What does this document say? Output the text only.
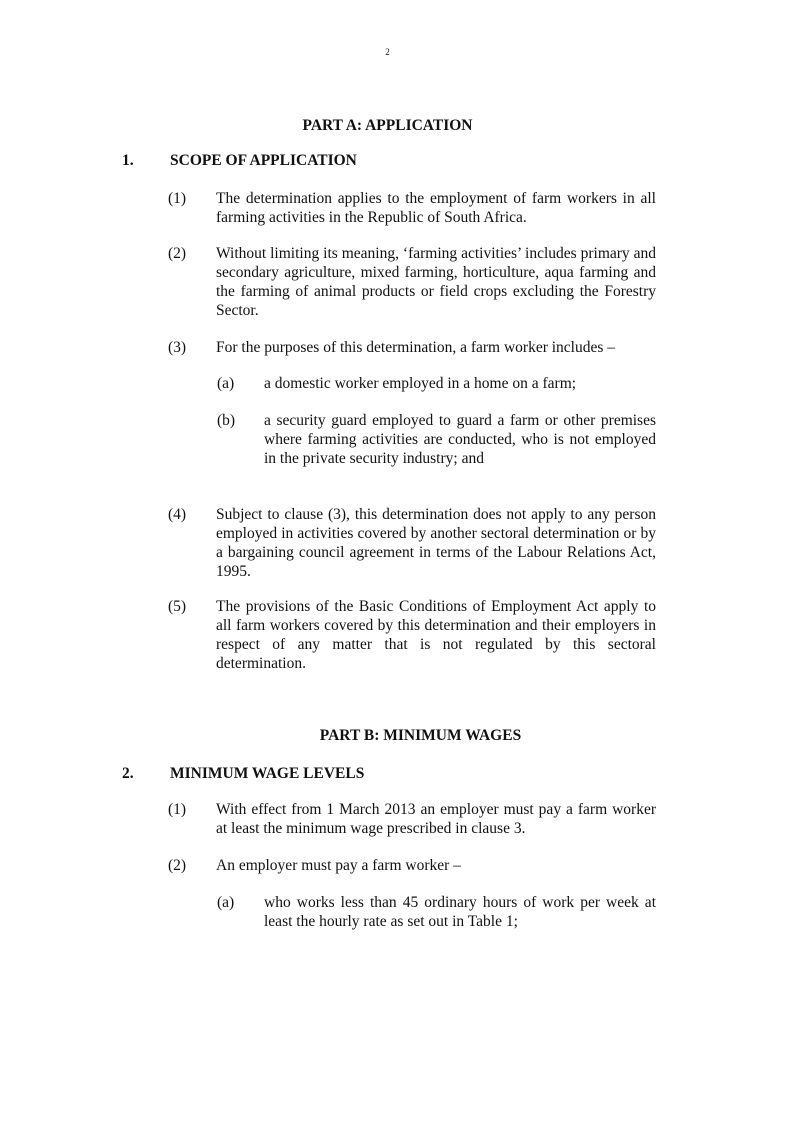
2
PART A: APPLICATION
1. SCOPE OF APPLICATION
(1) The determination applies to the employment of farm workers in all farming activities in the Republic of South Africa.
(2) Without limiting its meaning, ‘farming activities’ includes primary and secondary agriculture, mixed farming, horticulture, aqua farming and the farming of animal products or field crops excluding the Forestry Sector.
(3) For the purposes of this determination, a farm worker includes –
(a) a domestic worker employed in a home on a farm;
(b) a security guard employed to guard a farm or other premises where farming activities are conducted, who is not employed in the private security industry; and
(4) Subject to clause (3), this determination does not apply to any person employed in activities covered by another sectoral determination or by a bargaining council agreement in terms of the Labour Relations Act, 1995.
(5) The provisions of the Basic Conditions of Employment Act apply to all farm workers covered by this determination and their employers in respect of any matter that is not regulated by this sectoral determination.
PART B: MINIMUM WAGES
2. MINIMUM WAGE LEVELS
(1) With effect from 1 March 2013 an employer must pay a farm worker at least the minimum wage prescribed in clause 3.
(2) An employer must pay a farm worker –
(a) who works less than 45 ordinary hours of work per week at least the hourly rate as set out in Table 1;
